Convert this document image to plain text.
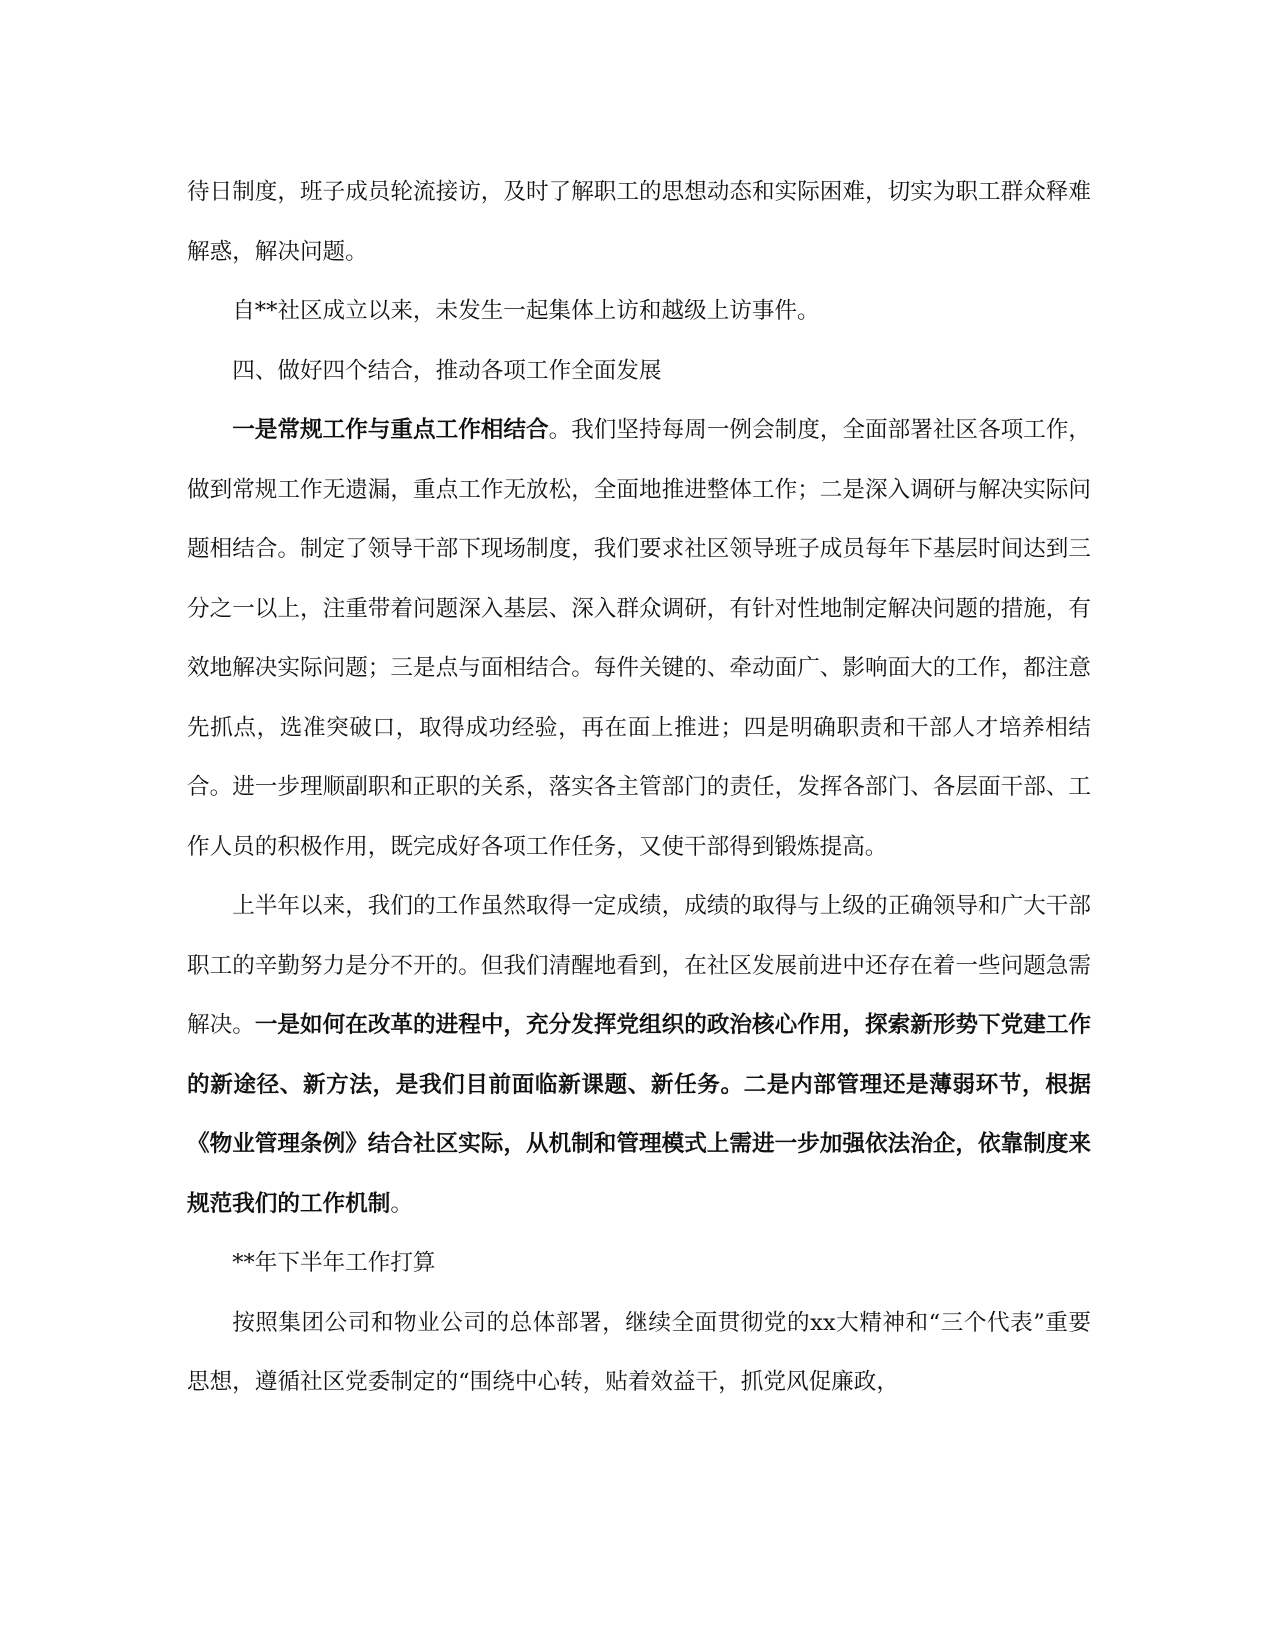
待日制度，班子成员轮流接访，及时了解职工的思想动态和实际困难，切实为职工群众释难解惑，解决问题。

自**社区成立以来，未发生一起集体上访和越级上访事件。

四、做好四个结合，推动各项工作全面发展

一是常规工作与重点工作相结合。我们坚持每周一例会制度，全面部署社区各项工作，做到常规工作无遗漏，重点工作无放松，全面地推进整体工作；二是深入调研与解决实际问题相结合。制定了领导干部下现场制度，我们要求社区领导班子成员每年下基层时间达到三分之一以上，注重带着问题深入基层、深入群众调研，有针对性地制定解决问题的措施，有效地解决实际问题；三是点与面相结合。每件关键的、牵动面广、影响面大的工作，都注意先抓点，选准突破口，取得成功经验，再在面上推进；四是明确职责和干部人才培养相结合。进一步理顺副职和正职的关系，落实各主管部门的责任，发挥各部门、各层面干部、工作人员的积极作用，既完成好各项工作任务，又使干部得到锻炼提高。

上半年以来，我们的工作虽然取得一定成绩，成绩的取得与上级的正确领导和广大干部职工的辛勤努力是分不开的。但我们清醒地看到，在社区发展前进中还存在着一些问题急需解决。一是如何在改革的进程中，充分发挥党组织的政治核心作用，探索新形势下党建工作的新途径、新方法，是我们目前面临新课题、新任务。二是内部管理还是薄弱环节，根据《物业管理条例》结合社区实际，从机制和管理模式上需进一步加强依法治企，依靠制度来规范我们的工作机制。

**年下半年工作打算

按照集团公司和物业公司的总体部署，继续全面贯彻党的xx大精神和“三个代表”重要思想，遵循社区党委制定的“围绕中心转，贴着效益干，抓党风促廉政，
